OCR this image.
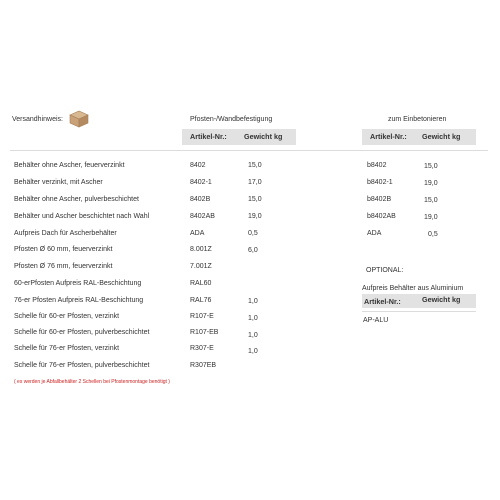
Versandhinweis:	Pfosten-/Wandbefestigung
Artikel-Nr.: Gewicht kg
Behälter ohne Ascher, feuerverzinkt	8402	15,0
Behälter verzinkt, mit Ascher	8402-1	17,0
Behälter ohne Ascher, pulverbeschichtet	8402B	15,0
Behälter und Ascher beschichtet nach Wahl	8402AB	19,0
Aufpreis Dach für Ascherbehälter	ADA	0,5
Pfosten Ø 60 mm, feuerverzinkt	8.001Z	6,0
Pfosten Ø 76 mm, feuerverzinkt	7.001Z
60-erPfosten Aufpreis RAL-Beschichtung	RAL60
76-er Pfosten Aufpreis RAL-Beschichtung	RAL76	1,0
Schelle für 60-er Pfosten, verzinkt	R107-E	1,0
Schelle für 60-er Pfosten, pulverbeschichtet	R107-EB	1,0
Schelle für 76-er Pfosten, verzinkt	R307-E	1,0
Schelle für 76-er Pfosten, pulverbeschichtet	R307EB
zum Einbetonieren
Artikel-Nr.: Gewicht kg
b8402	15,0
b8402-1	19,0
b8402B	15,0
b8402AB	19,0
ADA	0,5
OPTIONAL:
Aufpreis Behälter aus Aluminium
Artikel-Nr.:	Gewicht kg
AP-ALU
( es werden je Abfallbehälter 2 Schellen bei Pfostenmontage benötigt )
